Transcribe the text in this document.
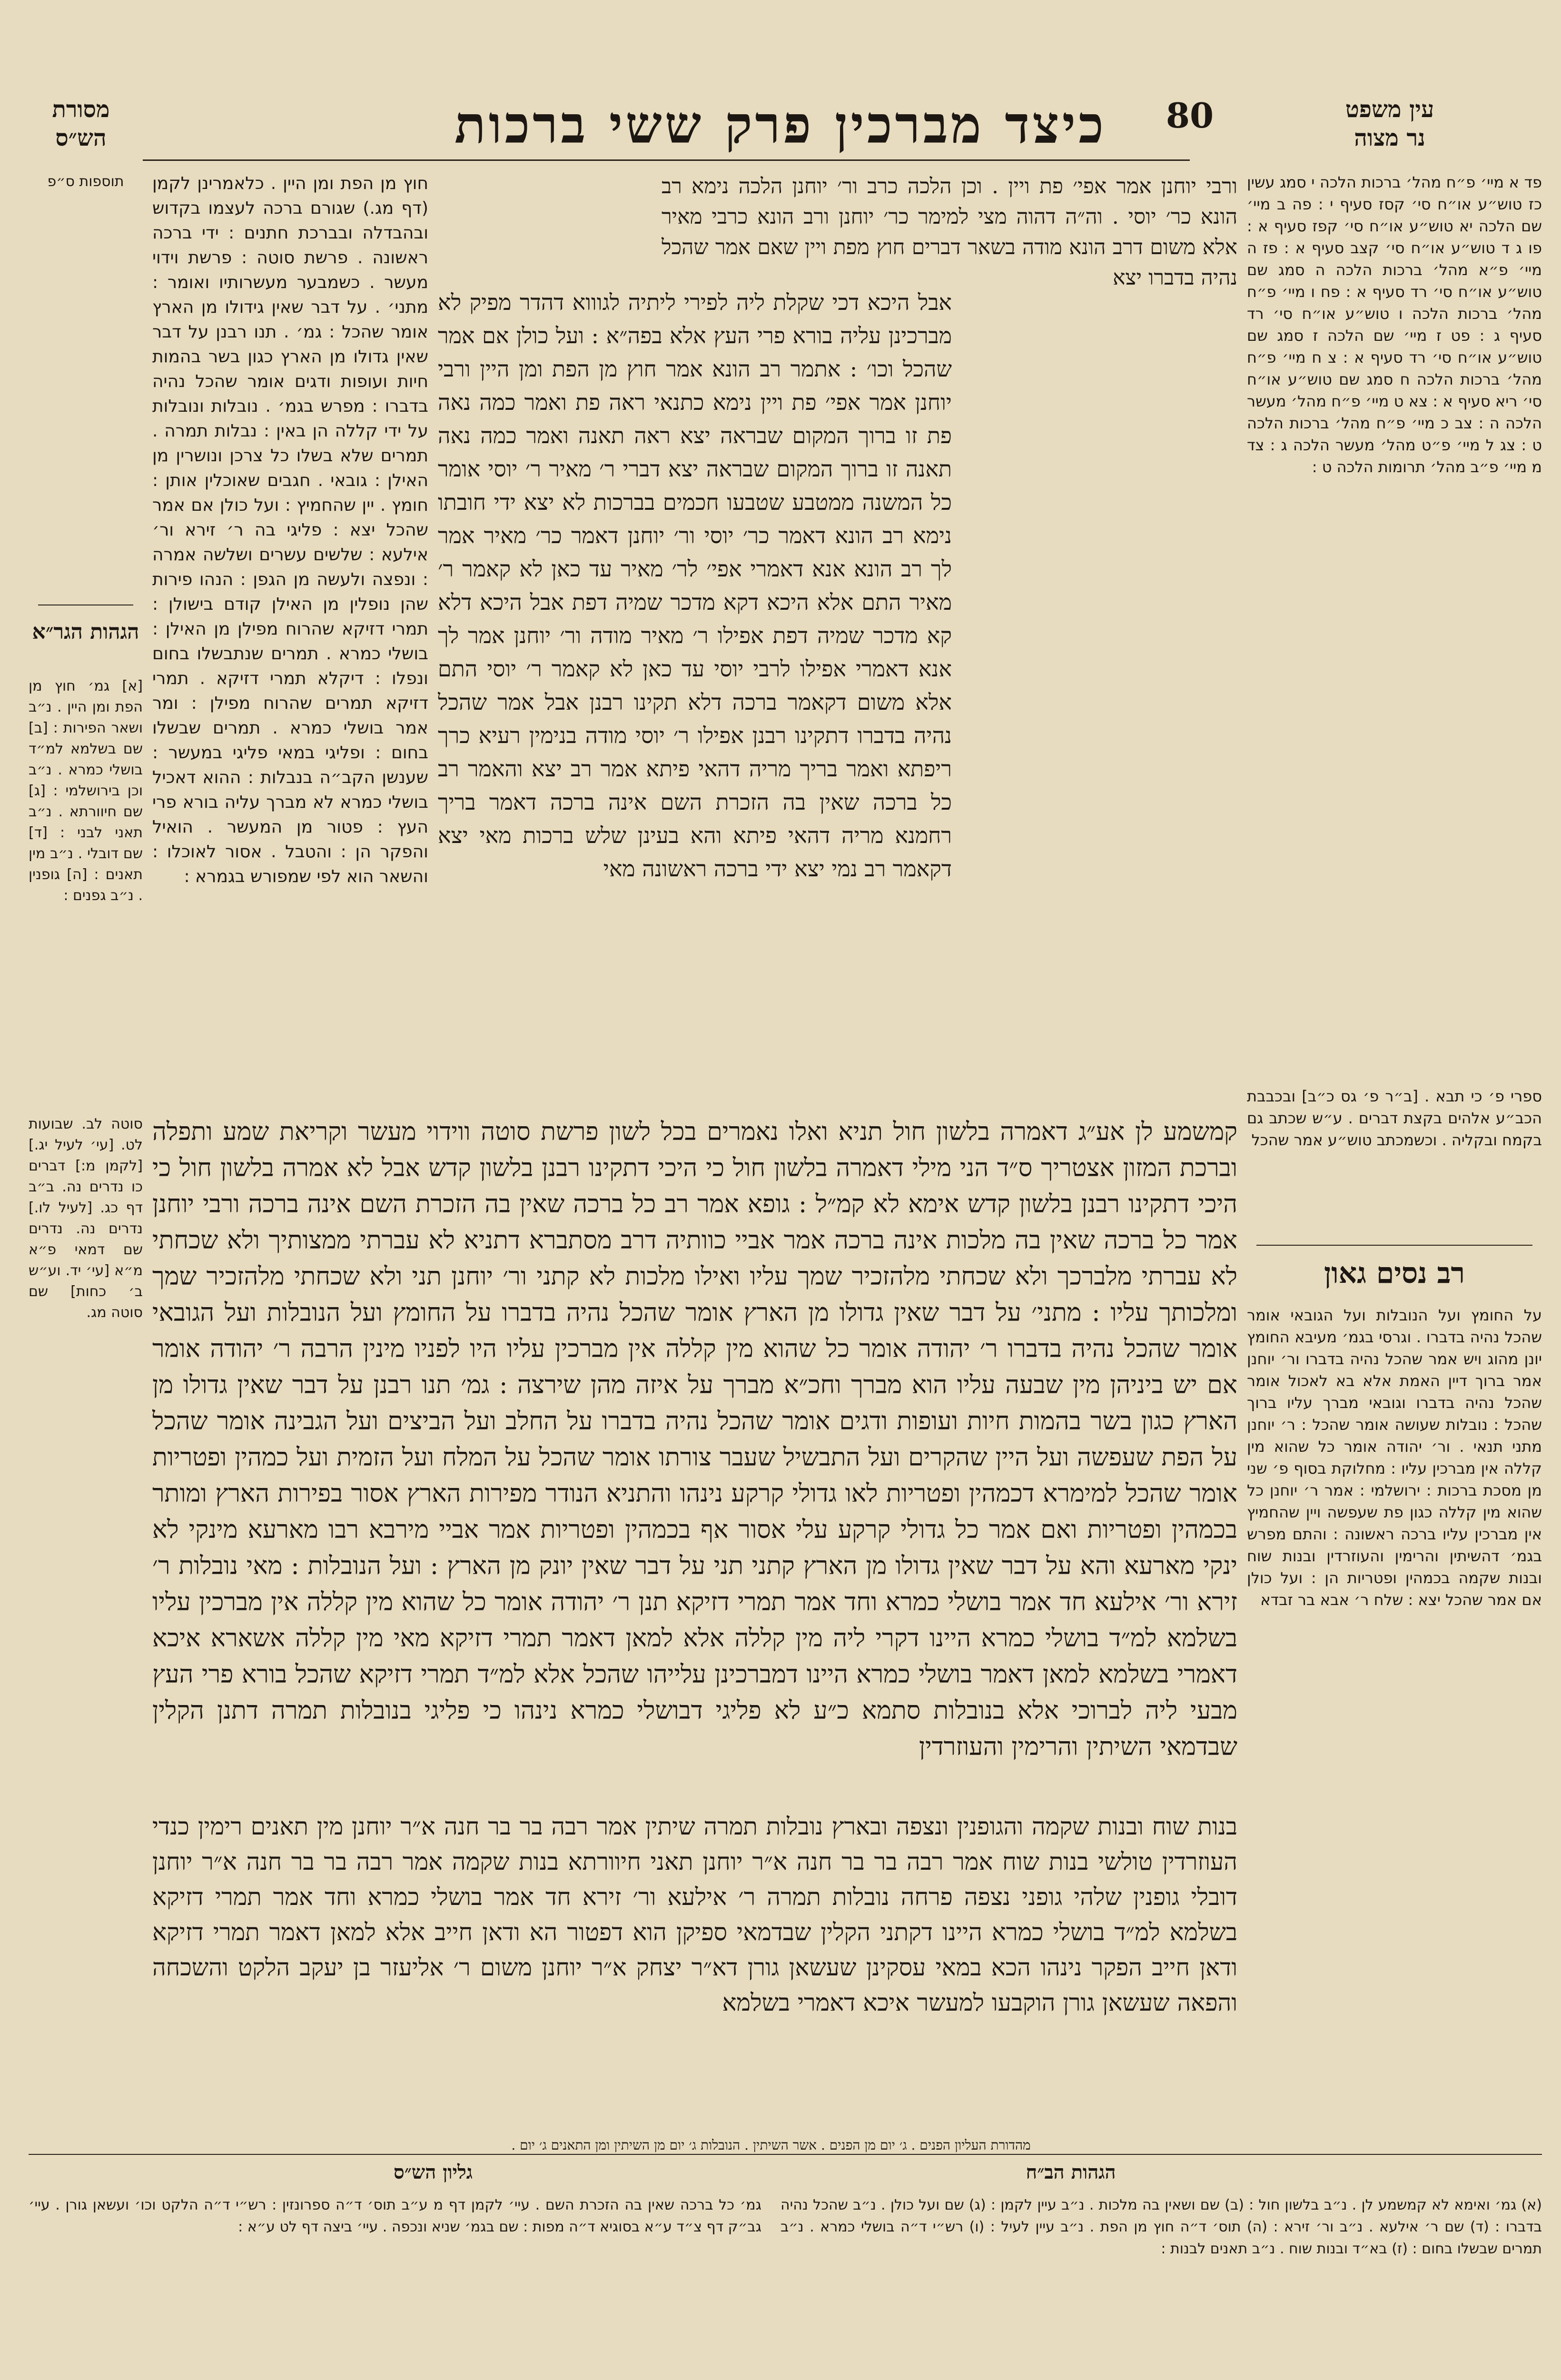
כיצד מברכין פרק ששי ברכות	80	עין משפט
נר מצוה
מסורת
הש״ס
ורבי יוחנן אמר אפי׳ פת ויין . וכן הלכה כרב ור׳ יוחנן הלכה נימא רב הונא כר׳ יוסי . וה״ה דהוה מצי למימר כר׳ יוחנן ורב הונא כרבי מאיר אלא משום דרב הונא מודה בשאר דברים חוץ מפת ויין שאם אמר שהכל נהיה בדברו יצא
אבל היכא דכי שקלת ליה לפירי ליתיה לגוווא דהדר מפיק לא מברכינן עליה בורא פרי העץ אלא בפה״א : ועל כולן אם אמר שהכל וכו׳ : אתמר רב הונא אמר חוץ מן הפת ומן היין ורבי יוחנן אמר אפי׳ פת ויין נימא כתנאי ראה פת ואמר כמה נאה פת זו ברוך המקום שבראה יצא ראה תאנה ואמר כמה נאה תאנה זו ברוך המקום שבראה יצא דברי ר׳ מאיר ר׳ יוסי אומר כל המשנה ממטבע שטבעו חכמים בברכות לא יצא ידי חובתו נימא רב הונא דאמר כר׳ יוסי ור׳ יוחנן דאמר כר׳ מאיר אמר לך רב הונא אנא דאמרי אפי׳ לר׳ מאיר עד כאן לא קאמר ר׳ מאיר התם אלא היכא דקא מדכר שמיה דפת אבל היכא דלא קא מדכר שמיה דפת אפילו ר׳ מאיר מודה ור׳ יוחנן אמר לך אנא דאמרי אפילו לרבי יוסי עד כאן לא קאמר ר׳ יוסי התם אלא משום דקאמר ברכה דלא תקינו רבנן אבל אמר שהכל נהיה בדברו דתקינו רבנן אפילו ר׳ יוסי מודה בנימין רעיא כרך ריפתא ואמר בריך מריה דהאי פיתא אמר רב יצא והאמר רב כל ברכה שאין בה הזכרת השם אינה ברכה דאמר בריך רחמנא מריה דהאי פיתא והא בעינן שלש ברכות מאי יצא דקאמר רב נמי יצא ידי ברכה ראשונה מאי
חוץ מן הפת ומן היין . כלאמרינן לקמן (דף מג.) שגורם ברכה לעצמו בקדוש ובהבדלה ובברכת חתנים : ידי ברכה ראשונה . פרשת סוטה : פרשת וידוי מעשר . כשמבער מעשרותיו ואומר : מתני׳ . על דבר שאין גידולו מן הארץ אומר שהכל : גמ׳ . תנו רבנן על דבר שאין גדולו מן הארץ כגון בשר בהמות חיות ועופות ודגים אומר שהכל נהיה בדברו : מפרש בגמ׳ . נובלות ונובלות על ידי קללה הן באין : נבלות תמרה . תמרים שלא בשלו כל צרכן ונושרין מן האילן : גובאי . חגבים שאוכלין אותן : חומץ . יין שהחמיץ : ועל כולן אם אמר שהכל יצא : פליגי בה ר׳ זירא ור׳ אילעא : שלשים עשרים ושלשה אמרה : ונפצה ולעשה מן הגפן : הנהו פירות שהן נופלין מן האילן קודם בישולן : תמרי דזיקא שהרוח מפילן מן האילן : בושלי כמרא . תמרים שנתבשלו בחום ונפלו : דיקלא תמרי דזיקא . תמרי דזיקא תמרים שהרוח מפילן : ומר אמר בושלי כמרא . תמרים שבשלו בחום : ופליגי במאי פליגי במעשר : שענשן הקב״ה בנבלות : ההוא דאכיל בושלי כמרא לא מברך עליה בורא פרי העץ : פטור מן המעשר . הואיל והפקר הן : והטבל . אסור לאוכלו : והשאר הוא לפי שמפורש בגמרא :
קמשמע לן אע״ג דאמרה בלשון חול תניא ואלו נאמרים בכל לשון פרשת סוטה ווידוי מעשר וקריאת שמע ותפלה וברכת המזון אצטריך ס״ד הני מילי דאמרה בלשון חול כי היכי דתקינו רבנן בלשון קדש אבל לא אמרה בלשון חול כי היכי דתקינו רבנן בלשון קדש אימא לא קמ״ל : גופא אמר רב כל ברכה שאין בה הזכרת השם אינה ברכה ורבי יוחנן אמר כל ברכה שאין בה מלכות אינה ברכה אמר אביי כוותיה דרב מסתברא דתניא לא עברתי ממצותיך ולא שכחתי לא עברתי מלברכך ולא שכחתי מלהזכיר שמך עליו ואילו מלכות לא קתני ור׳ יוחנן תני ולא שכחתי מלהזכיר שמך ומלכותך עליו : מתני׳ על דבר שאין גדולו מן הארץ אומר שהכל נהיה בדברו על החומץ ועל הנובלות ועל הגובאי אומר שהכל נהיה בדברו ר׳ יהודה אומר כל שהוא מין קללה אין מברכין עליו היו לפניו מינין הרבה ר׳ יהודה אומר אם יש ביניהן מין שבעה עליו הוא מברך וחכ״א מברך על איזה מהן שירצה : גמ׳ תנו רבנן על דבר שאין גדולו מן הארץ כגון בשר בהמות חיות ועופות ודגים אומר שהכל נהיה בדברו על החלב ועל הביצים ועל הגבינה אומר שהכל על הפת שעפשה ועל היין שהקרים ועל התבשיל שעבר צורתו אומר שהכל על המלח ועל הזמית ועל כמהין ופטריות אומר שהכל למימרא דכמהין ופטריות לאו גדולי קרקע נינהו והתניא הנודר מפירות הארץ אסור בפירות הארץ ומותר בכמהין ופטריות ואם אמר כל גדולי קרקע עלי אסור אף בכמהין ופטריות אמר אביי מירבא רבו מארעא מינקי לא ינקי מארעא והא על דבר שאין גדולו מן הארץ קתני תני על דבר שאין יונק מן הארץ : ועל הנובלות : מאי נובלות ר׳ זירא ור׳ אילעא חד אמר בושלי כמרא וחד אמר תמרי דזיקא תנן ר׳ יהודה אומר כל שהוא מין קללה אין מברכין עליו בשלמא למ״ד בושלי כמרא היינו דקרי ליה מין קללה אלא למאן דאמר תמרי דזיקא מאי מין קללה אשארא איכא דאמרי בשלמא למאן דאמר בושלי כמרא היינו דמברכינן עלייהו שהכל אלא למ״ד תמרי דזיקא שהכל בורא פרי העץ מבעי ליה לברוכי אלא בנובלות סתמא כ״ע לא פליגי דבושלי כמרא נינהו כי פליגי בנובלות תמרה דתנן הקלין שבדמאי השיתין והרימין והעוזרדין
בנות שוח ובנות שקמה והגופנין ונצפה ובארץ נובלות תמרה שיתין אמר רבה בר בר חנה א״ר יוחנן מין תאנים רימין כנדי העוזרדין טולשי בנות שוח אמר רבה בר בר חנה א״ר יוחנן תאני חיוורתא בנות שקמה אמר רבה בר בר חנה א״ר יוחנן דובלי גופנין שלהי גופני נצפה פרחה נובלות תמרה ר׳ אילעא ור׳ זירא חד אמר בושלי כמרא וחד אמר תמרי דזיקא בשלמא למ״ד בושלי כמרא היינו דקתני הקלין שבדמאי ספיקן הוא דפטור הא ודאן חייב אלא למאן דאמר תמרי דזיקא ודאן חייב הפקר נינהו הכא במאי עסקינן שעשאן גורן דא״ר יצחק א״ר יוחנן משום ר׳ אליעזר בן יעקב הלקט והשכחה והפאה שעשאן גורן הוקבעו למעשר איכא דאמרי בשלמא
פד א מיי׳ פ״ח מהל׳ ברכות הלכה י סמג עשין כז טוש״ע או״ח סי׳ קסז סעיף י : פה ב מיי׳ שם הלכה יא טוש״ע או״ח סי׳ קפז סעיף א : פו ג ד טוש״ע או״ח סי׳ קצב סעיף א : פז ה מיי׳ פ״א מהל׳ ברכות הלכה ה סמג שם טוש״ע או״ח סי׳ רד סעיף א : פח ו מיי׳ פ״ח מהל׳ ברכות הלכה ו טוש״ע או״ח סי׳ רד סעיף ג : פט ז מיי׳ שם הלכה ז סמג שם טוש״ע או״ח סי׳ רד סעיף א : צ ח מיי׳ פ״ח מהל׳ ברכות הלכה ח סמג שם טוש״ע או״ח סי׳ ריא סעיף א : צא ט מיי׳ פ״ח מהל׳ מעשר הלכה ה : צב כ מיי׳ פ״ח מהל׳ ברכות הלכה ט : צג ל מיי׳ פ״ט מהל׳ מעשר הלכה ג : צד מ מיי׳ פ״ב מהל׳ תרומות הלכה ט :
ספרי פ׳ כי תבא . [ב״ר פ׳ גס כ״ב] ובכבבת הכב״ע אלהים בקצת דברים . ע״ש שכתב גם בקמח ובקליה . וכשמכתב טוש״ע אמר שהכל
רב נסים גאון
על החומץ ועל הנובלות ועל הגובאי אומר שהכל נהיה בדברו . וגרסי בגמ׳ מעיבא החומץ יונן מהוג ויש אמר שהכל נהיה בדברו ור׳ יוחנן אמר ברוך דיין האמת אלא בא לאכול אומר שהכל נהיה בדברו וגובאי מברך עליו ברוך שהכל : נובלות שעושה אומר שהכל : ר׳ יוחנן מתני תנאי . ור׳ יהודה אומר כל שהוא מין קללה אין מברכין עליו : מחלוקת בסוף פ׳ שני מן מסכת ברכות : ירושלמי : אמר ר׳ יוחנן כל שהוא מין קללה כגון פת שעפשה ויין שהחמיץ אין מברכין עליו ברכה ראשונה : והתם מפרש בגמ׳ דהשיתין והרימין והעוזרדין ובנות שוח ובנות שקמה בכמהין ופטריות הן : ועל כולן אם אמר שהכל יצא : שלח ר׳ אבא בר זבדא
תוספות ס״פ
הגהות הגר״א
[א] גמ׳ חוץ מן הפת ומן היין . נ״ב ושאר הפירות : [ב] שם בשלמא למ״ד בושלי כמרא . נ״ב וכן בירושלמי : [ג] שם חיוורתא . נ״ב תאני לבני : [ד] שם דובלי . נ״ב מין תאנים : [ה] גופנין . נ״ב גפנים :
סוטה לב. שבועות לט. [עי׳ לעיל יג.] [לקמן מ:] דברים כו נדרים נה. ב״ב דף כג. [לעיל לו.] נדרים נה. נדרים שם דמאי פ״א מ״א [עי׳ יד. וע״ש ב׳ כחות] שם סוטה מג.
מהדורת העליון הפנים . ג׳ יום מן הפנים . אשר השיתין . הנובלות ג׳ יום מן השיתין ומן התאנים ג׳ יום .
הגהות הב״ח
גליון הש״ס
(א) גמ׳ ואימא לא קמשמע לן . נ״ב בלשון חול : (ב) שם ושאין בה מלכות . נ״ב עיין לקמן : (ג) שם ועל כולן . נ״ב שהכל נהיה בדברו : (ד) שם ר׳ אילעא . נ״ב ור׳ זירא : (ה) תוס׳ ד״ה חוץ מן הפת . נ״ב עיין לעיל : (ו) רש״י ד״ה בושלי כמרא . נ״ב תמרים שבשלו בחום : (ז) בא״ד ובנות שוח . נ״ב תאנים לבנות :
גמ׳ כל ברכה שאין בה הזכרת השם . עיי׳ לקמן דף מ ע״ב תוס׳ ד״ה ספרונזין : רש״י ד״ה הלקט וכו׳ ועשאן גורן . עיי׳ גב״ק דף צ״ד ע״א בסוגיא ד״ה מפות : שם בגמ׳ שניא ונכפה . עיי׳ ביצה דף לט ע״א :
